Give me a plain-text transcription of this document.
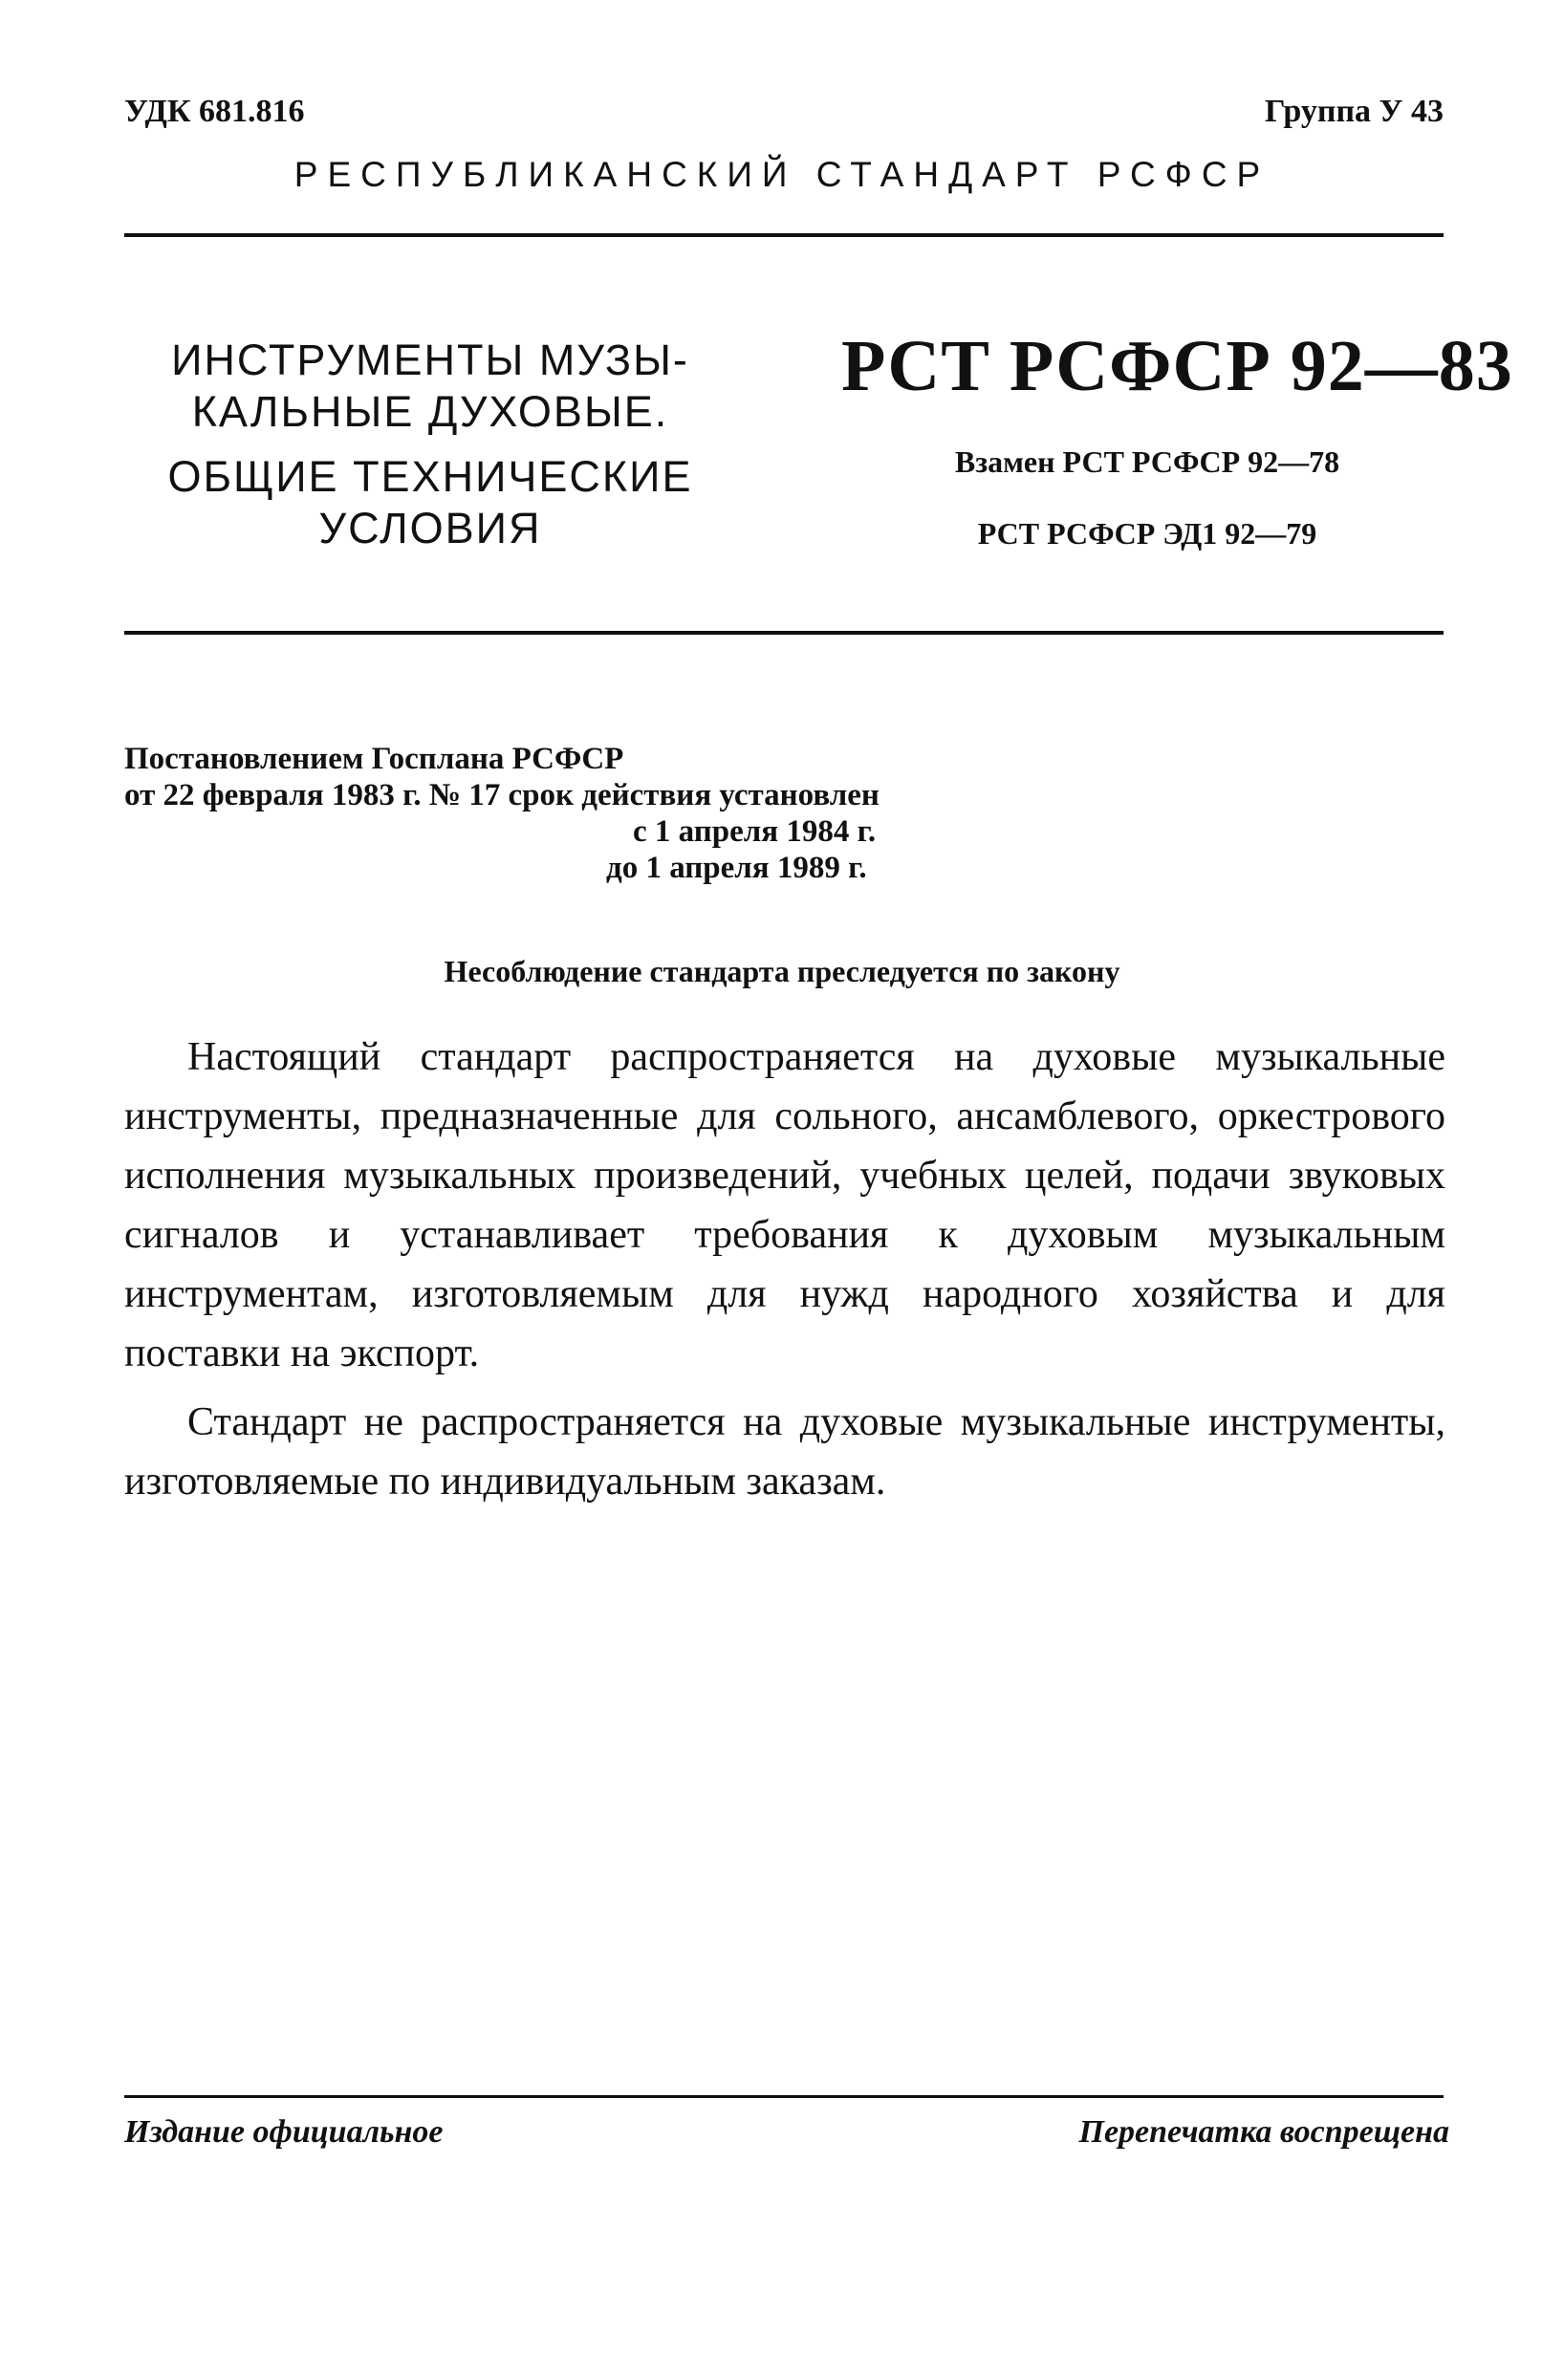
УДК 681.816	Группа У 43
РЕСПУБЛИКАНСКИЙ СТАНДАРТ РСФСР
ИНСТРУМЕНТЫ МУЗЫ-
КАЛЬНЫЕ ДУХОВЫЕ.
ОБЩИЕ ТЕХНИЧЕСКИЕ
УСЛОВИЯ
РСТ РСФСР 92—83
Взамен РСТ РСФСР 92—78
РСТ РСФСР ЭД1 92—79
Постановлением Госплана РСФСР
от 22 февраля 1983 г. № 17 срок действия установлен
с 1 апреля 1984 г.
до 1 апреля 1989 г.
Несоблюдение стандарта преследуется по закону

Настоящий стандарт распространяется на духовые музыкальные инструменты, предназначенные для сольного, ансамблевого, оркестрового исполнения музыкальных произведений, учебных целей, подачи звуковых сигналов и устанавливает требования к духовым музыкальным инструментам, изготовляемым для нужд народного хозяйства и для поставки на экспорт.

Стандарт не распространяется на духовые музыкальные инструменты, изготовляемые по индивидуальным заказам.

Издание официальное	Перепечатка воспрещена
